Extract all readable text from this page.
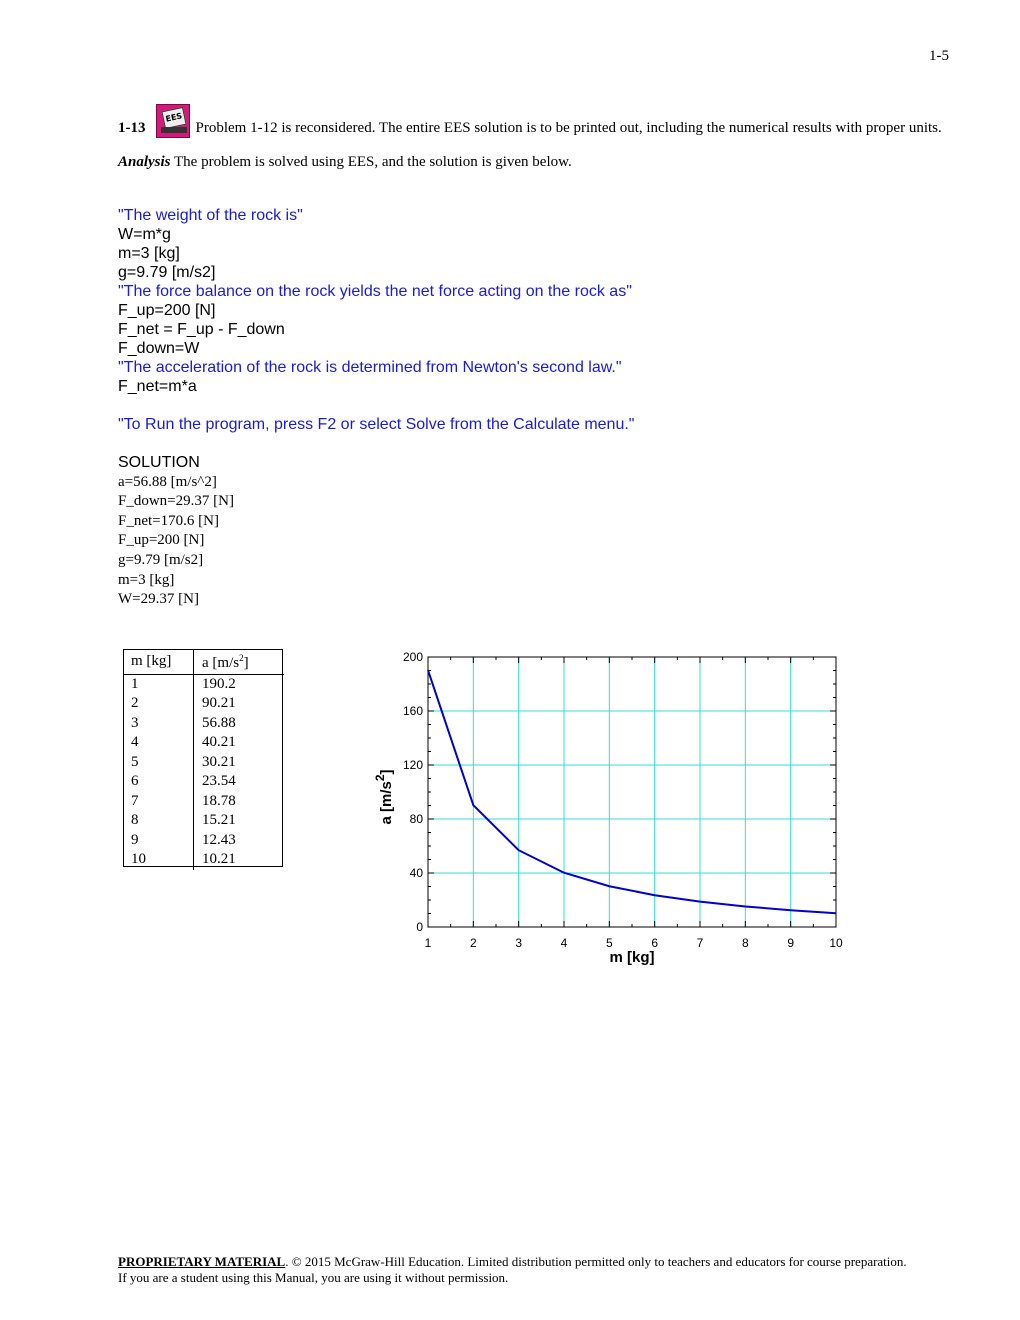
1-5
1-13
EES
Problem 1-12 is reconsidered. The entire EES solution is to be printed out, including the numerical results with proper units.
Analysis The problem is solved using EES, and the solution is given below.
"The weight of the rock is"
W=m*g
m=3 [kg]
g=9.79 [m/s2]
"The force balance on the rock yields the net force acting on the rock as"
F_up=200 [N]
F_net = F_up - F_down
F_down=W
"The acceleration of the rock is determined from Newton's second law."
F_net=m*a
"To Run the program, press F2 or select Solve from the Calculate menu."
SOLUTION
a=56.88 [m/s^2]
F_down=29.37 [N]
F_net=170.6 [N]
F_up=200 [N]
g=9.79 [m/s2]
m=3 [kg]
W=29.37 [N]
m [kg]	a $[m/s^2]$
1	190.2
2	90.21
3	56.88
4	40.21
5	30.21
6	23.54
7	18.78
8	15.21
9	12.43
10	10.21
1	2	3	4	5	6	7	8	9	10
0
40
80
120
160
200
m [kg]
a $[m/s^2]$
PROPRIETARY MATERIAL. © 2015 McGraw-Hill Education. Limited distribution permitted only to teachers and educators for course preparation.
If you are a student using this Manual, you are using it without permission.
